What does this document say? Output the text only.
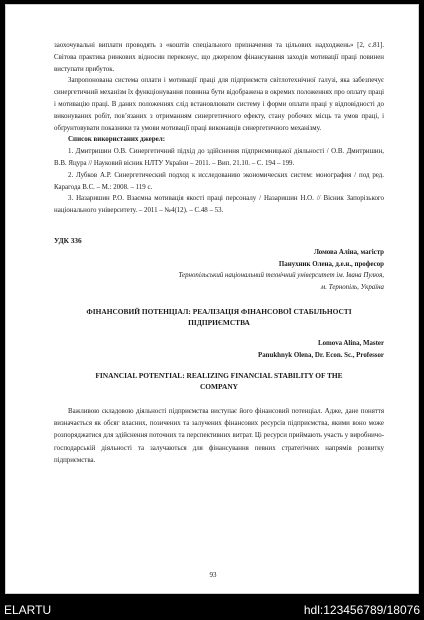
заохочувальні виплати проводять з «коштів спеціального призначення та цільових надходжень» [2, с.81]. Світова практика ринкових відносин переконує, що джерелом фінансування заходів мотивації праці повинен виступати прибуток.

Запропонована система оплати і мотивації праці для підприємств світлотехнічної галузі, яка забезпечує синергетичний механізм їх функціонування повинна бути відображена в окремих положеннях про оплату праці і мотивацію праці. В даних положеннях слід встановлювати систему і форми оплати праці у відповідності до виконуваних робіт, пов’язаних з отриманням синергетичного ефекту, стану робочих місць та умов праці, і обґрунтовувати показники та умови мотивації праці виконавців синергетичного механізму.

Список використаних джерел:

1. Дмитришин О.В. Синергетичний підхід до здійснення підприємницької діяльності / О.В. Дмитришин, В.В. Яцура // Науковий вісник НЛТУ України – 2011. – Вип. 21.10. – С. 194 – 199.

2. Лубков А.Р. Синергетический подход к исследованию экономических систем: монография / под ред. Карагода В.С. – М.: 2008. – 119 с.

3. Назаришин Р.О. Взаємна мотивація якості праці персоналу / Назаришин Н.О. // Вісник Запорізького національного університету. – 2011 – №4(12). – С.48 – 53.

УДК 336

Ломова Аліна, магістр

Панухник Олена, д.е.н., професор

Тернопільський національний технічний університет ім. Івана Пулюя,

м. Тернопіль, Україна

ФІНАНСОВИЙ ПОТЕНЦІАЛ: РЕАЛІЗАЦІЯ ФІНАНСОВОЇ СТАБІЛЬНОСТІ ПІДПРИЄМСТВА

Lomova Alina, Master

Panukhnyk Olena, Dr. Econ. Sc., Professor

FINANCIAL POTENTIAL: REALIZING FINANCIAL STABILITY OF THE COMPANY

Важливою складовою діяльності підприємства виступає його фінансовий потенціал. Адже, дане поняття визначається як обсяг власних, позичених та залучених фінансових ресурсів підприємства, якими воно може розпоряджатися для здійснення поточних та перспективних витрат. Ці ресурси приймають участь у виробничо-господарській діяльності та залучаються для фінансування певних стратегічних напрямів розвитку підприємства.

93
ELARTU	hdl:123456789/18076
